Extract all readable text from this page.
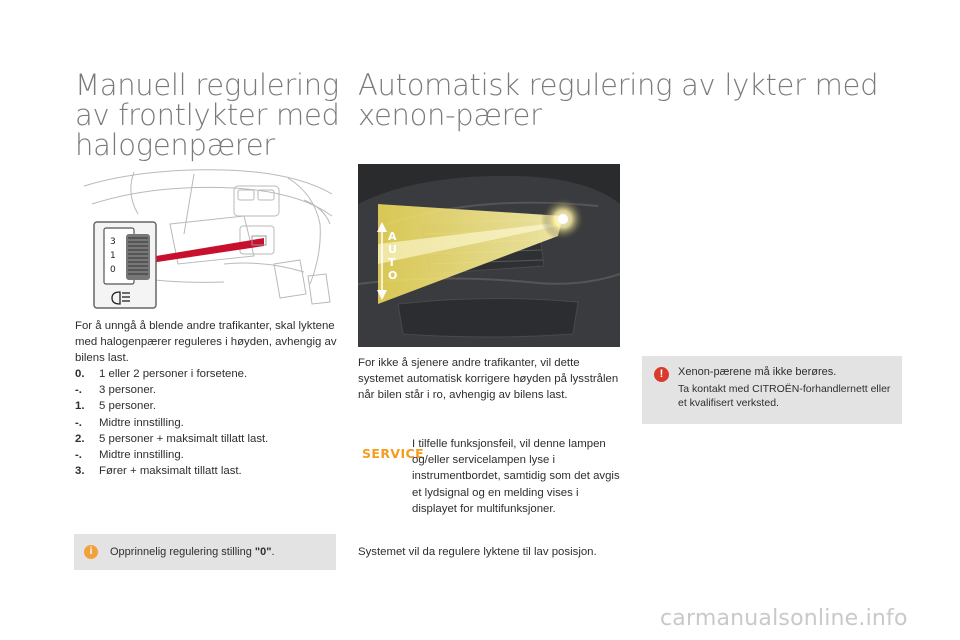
Manuell regulering av frontlykter med halogenpærer
Automatisk regulering av lykter med xenon-pærer
3
1
0
AUTO
For å unngå å blende andre trafikanter, skal lyktene med halogenpærer reguleres i høyden, avhengig av bilens last.
0. 1 eller 2 personer i forsetene.
-. 3 personer.
1. 5 personer.
-. Midtre innstilling.
2. 5 personer + maksimalt tillatt last.
-. Midtre innstilling.
3. Fører + maksimalt tillatt last.
i	Opprinnelig regulering stilling "0".
For ikke å sjenere andre trafikanter, vil dette systemet automatisk korrigere høyden på lysstrålen når bilen står i ro, avhengig av bilens last.
SERVICE
I tilfelle funksjonsfeil, vil denne lampen og/eller servicelampen lyse i instrumentbordet, samtidig som det avgis et lydsignal og en melding vises i displayet for multifunksjoner.
Systemet vil da regulere lyktene til lav posisjon.
!	Xenon-pærene må ikke berøres.
Ta kontakt med CITROËN-forhandlernett eller et kvalifisert verksted.
carmanualsonline.info
